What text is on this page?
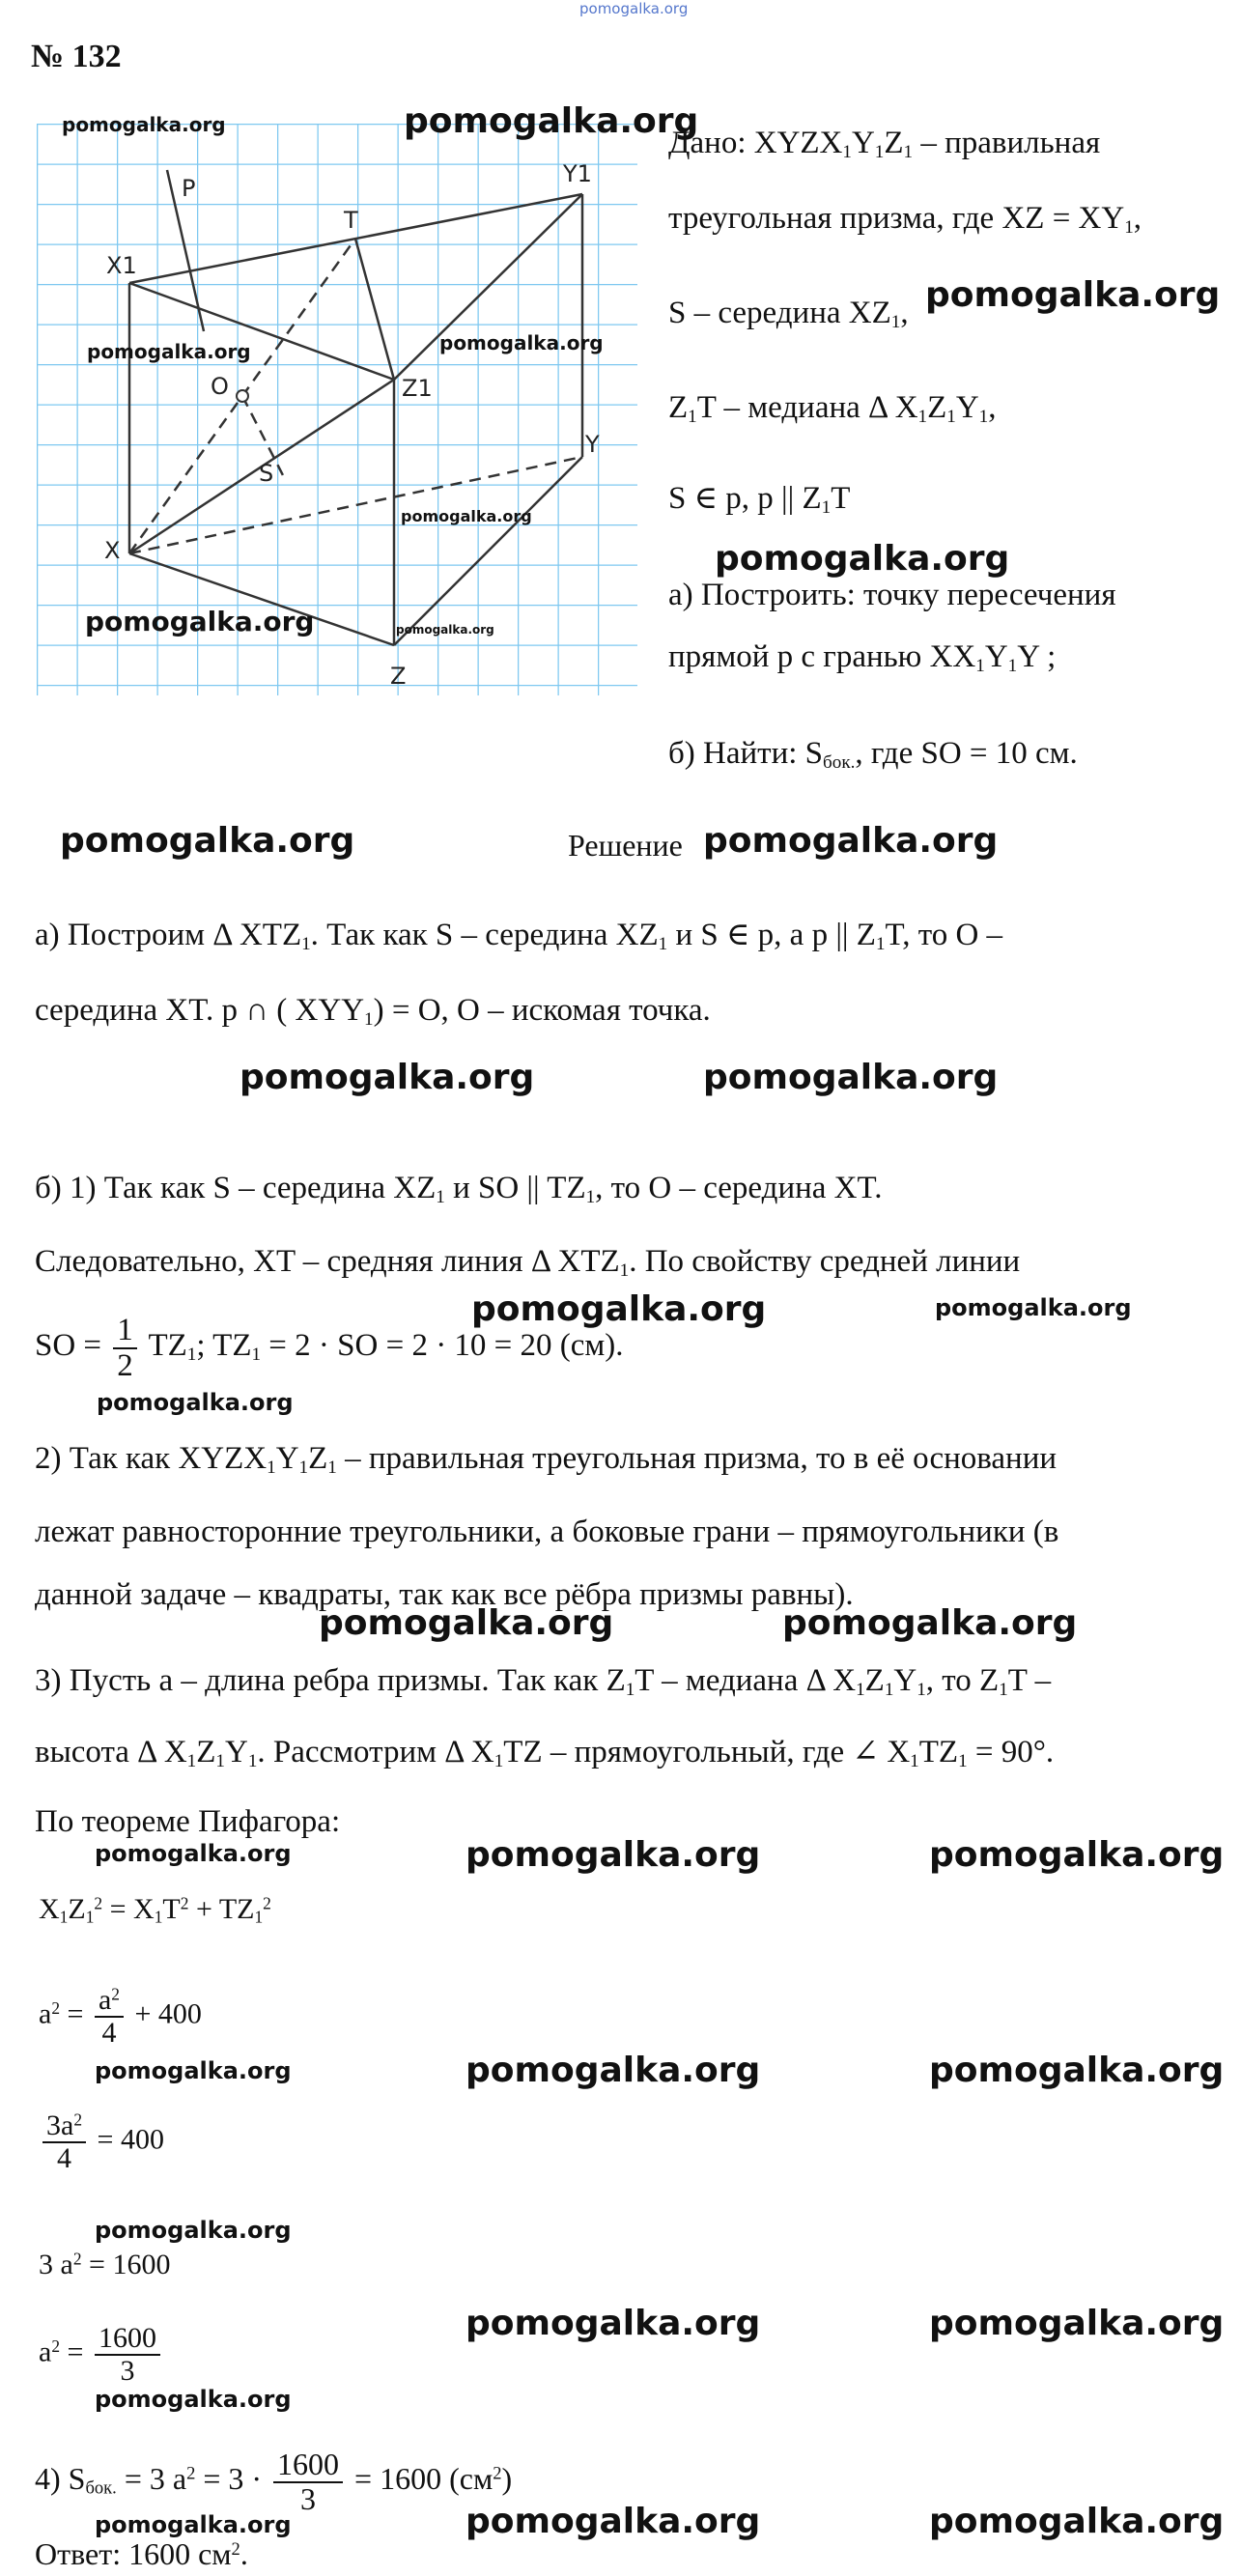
pomogalka.org
№ 132
P
T
X1
Y1
O	Z1
S
Y
X
Z
pomogalka.org	pomogalka.org
pomogalka.org	pomogalka.org
pomogalka.org
pomogalka.org
pomogalka.org
Дано: $XYZX_1Y_1Z_1$ – правильная
треугольная призма, где XZ = $XY_1$,
S – середина $XZ_1$, pomogalka.org
$Z_1T$ – медиана Δ $X_1Z_1Y_1$,
S ∈ p, p || $Z_1T$
pomogalka.org
а) Построить: точку пересечения
прямой p с гранью $XX_1Y_1Y$ ;
б) Найти: $S_{бок.}$, где SO = 10 см.
pomogalka.org	Решение pomogalka.org
а) Построим Δ $XTZ_1$. Так как S – середина $XZ_1$ и S ∈ p, а p || $Z_1T$, то O –
середина XT. p ∩ ( $XYY_1) = O$, O – искомая точка.
pomogalka.org	pomogalka.org
б) 1) Так как S – середина $XZ_1$ и SO || $TZ_1$, то O – середина XT.
Следовательно, XT – средняя линия Δ $XTZ_1$. По свойству средней линии
pomogalka.org	pomogalka.org
SO = $\frac{1}{2} TZ_1$; $TZ_1 = 2$ · SO = 2 · 10 = 20 (см).
pomogalka.org
2) Так как $XYZX_1Y_1Z_1$ – правильная треугольная призма, то в её основании
лежат равносторонние треугольники, а боковые грани – прямоугольники (в
данной задаче – квадраты, так как все рёбра призмы равны).
pomogalka.org	pomogalka.org
3) Пусть a – длина ребра призмы. Так как $Z_1T$ – медиана Δ $X_1Z_1Y_1$, то $Z_1T$ –
высота Δ $X_1Z_1Y_1$. Рассмотрим Δ $X_1TZ$ – прямоугольный, где ∠ $X_1TZ_1 = 90^\circ$.
По теореме Пифагора:
pomogalka.org	pomogalka.org	pomogalka.org
$X_1Z_1^2 = X_1T^2 + TZ_1^2$
$a^2 = \frac{a^2}{4} + 400$
pomogalka.org	pomogalka.org	pomogalka.org
$\frac{3a^2}{4} = 400$
pomogalka.org
3 $a^2 = 1600$
pomogalka.org	pomogalka.org
$a^2 = \frac{1600}{3}$
pomogalka.org
4) $S_{бок.} = 3$ $a^2 = 3 \cdot \frac{1600}{3} = 1600$ $(см^2)$
pomogalka.org	pomogalka.org	pomogalka.org
Ответ: 1600 $см^2$.
